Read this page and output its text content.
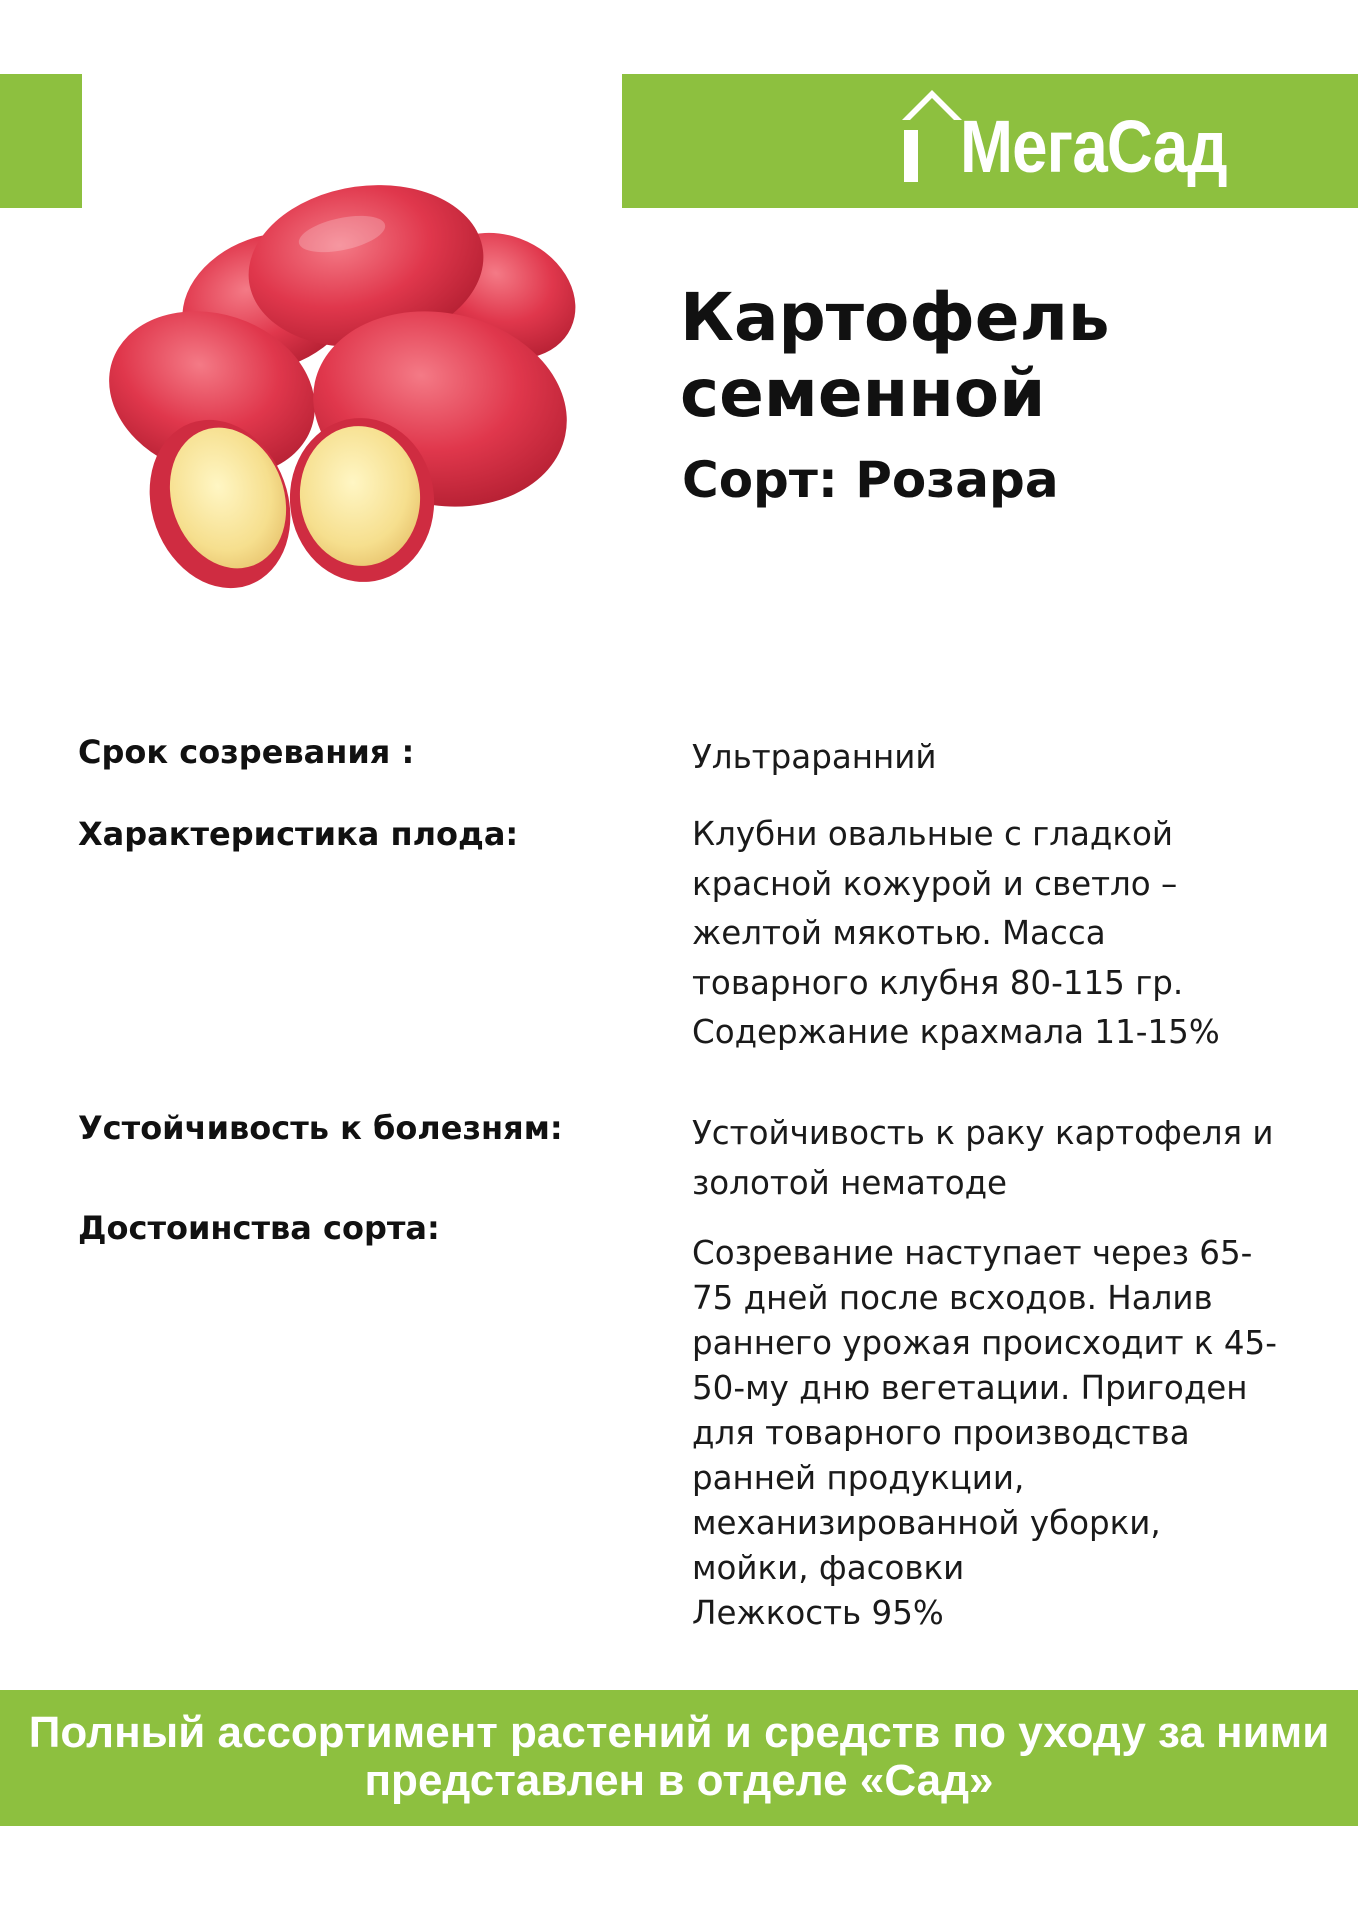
МегаСад
Картофель
семенной
Сорт: Розара
Срок созревания :	Ультраранний
Характеристика плода:	Клубни овальные с гладкой
красной кожурой и светло –
желтой мякотью. Масса
товарного клубня 80-115 гр.
Содержание крахмала 11-15%
Устойчивость к болезням:	Устойчивость к раку картофеля и
золотой нематоде
Достоинства сорта:
Созревание наступает через 65-
75 дней после всходов. Налив
раннего урожая происходит к 45-
50-му дню вегетации. Пригоден
для товарного производства
ранней продукции,
механизированной уборки,
мойки, фасовки
Лежкость 95%
Полный ассортимент растений и средств по уходу за ними
представлен в отделе «Сад»
